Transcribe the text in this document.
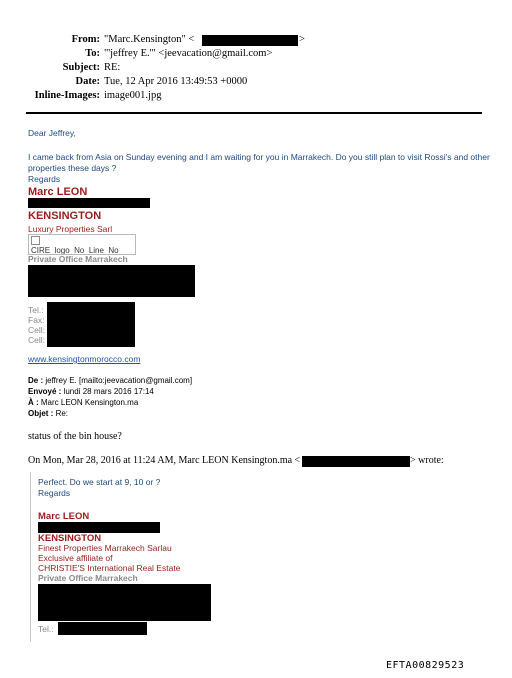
From: "Marc.Kensington" <	>
To: "'jeffrey E.'" <jeevacation@gmail.com>
Subject: RE:
Date: Tue, 12 Apr 2016 13:49:53 +0000
Inline-Images: image001.jpg
Dear Jeffrey,
I came back from Asia on Sunday evening and I am waiting for you in Marrakech. Do you still plan to visit Rossi's and other
properties these days ?
Regards
Marc LEON
KENSINGTON
Luxury Properties Sarl
CIRE_logo_No_Line_No_

Private Office Marrakech
Tel.:
Fax:
Cell:
Cell:
www.kensingtonmorocco.com
De : jeffrey E. [mailto:jeevacation@gmail.com]
Envoyé : lundi 28 mars 2016 17:14
À : Marc LEON Kensington.ma
Objet : Re:
status of the bin house?
On Mon, Mar 28, 2016 at 11:24 AM, Marc LEON Kensington.ma <	> wrote:
Perfect. Do we start at 9, 10 or ?
Regards
Marc LEON
KENSINGTON
Finest Properties Marrakech Sarlau
Exclusive affiliate of
CHRISTIE'S International Real Estate
Private Office Marrakech
Tel.:
EFTA00829523
